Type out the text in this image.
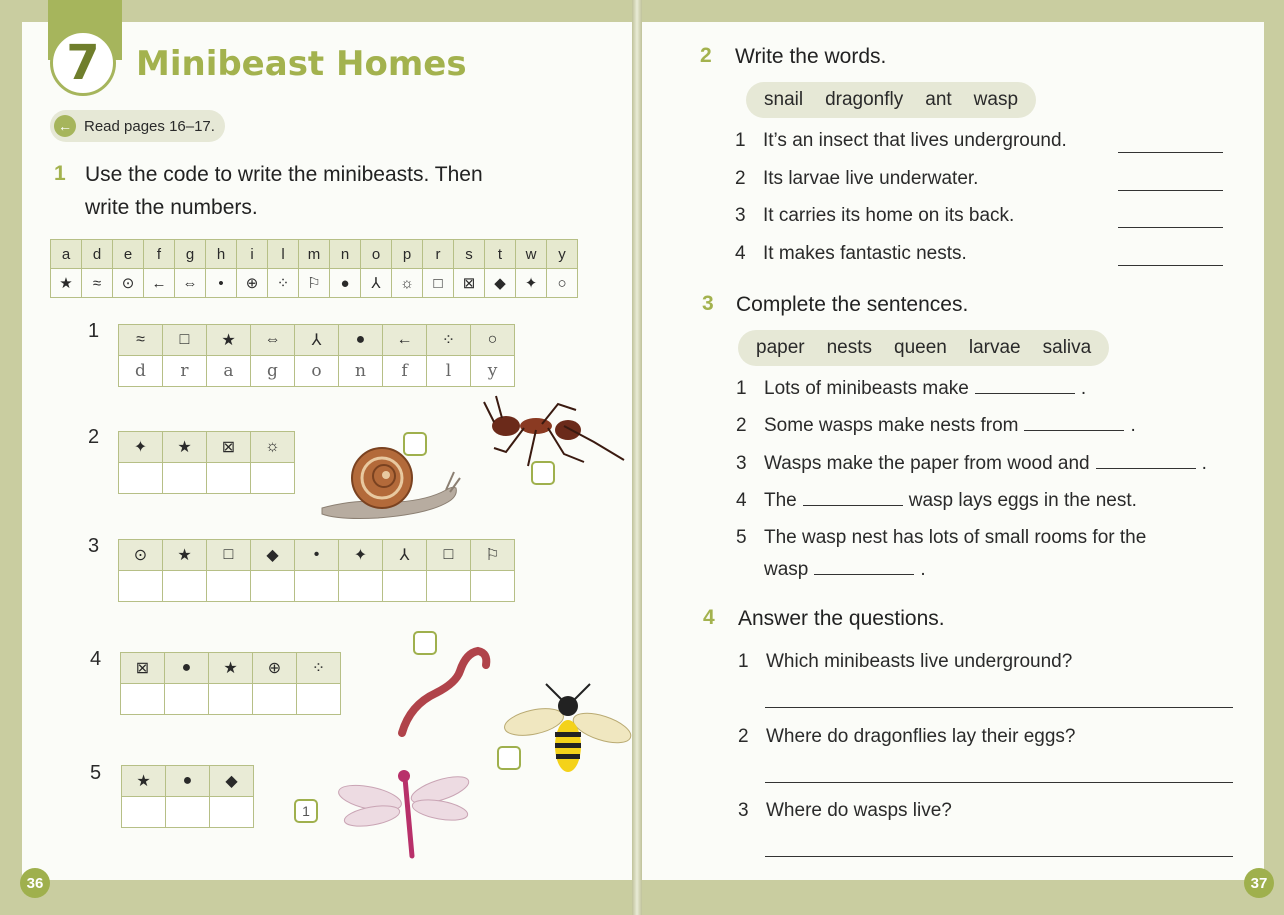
7 Minibeast Homes
← Read pages 16–17.
1 Use the code to write the minibeasts. Then
write the numbers.
a	d	e	f	g	h	i	l	m	n	o	p	r	s	t	w	y
★	≈	⊙	←	⇔	•	⊕	⁘	⚐	●	⅄	☼	□	⊠	◆	✦	○
1 ≈	□	★	⇔	⅄	●	←	⁘	○
d	r	a	g	o	n	f	l	y
2 ✦	★	⊠	☼

3 ⊙	★	□	◆	•	✦	⅄	□	⚐

4 ⊠	●	★	⊕	⁘

5 ★	●	◆

1
36
2 Write the words.
snail dragonfly ant wasp
1 It’s an insect that lives underground.
2 Its larvae live underwater.
3 It carries its home on its back.
4 It makes fantastic nests.
3 Complete the sentences.
paper nests queen larvae saliva
1 Lots of minibeasts make	.
2 Some wasps make nests from	.
3 Wasps make the paper from wood and	.
4 The	wasp lays eggs in the nest.
5 The wasp nest has lots of small rooms for the
wasp	.
4 Answer the questions.
1 Which minibeasts live underground?
2 Where do dragonflies lay their eggs?
3 Where do wasps live?
37
